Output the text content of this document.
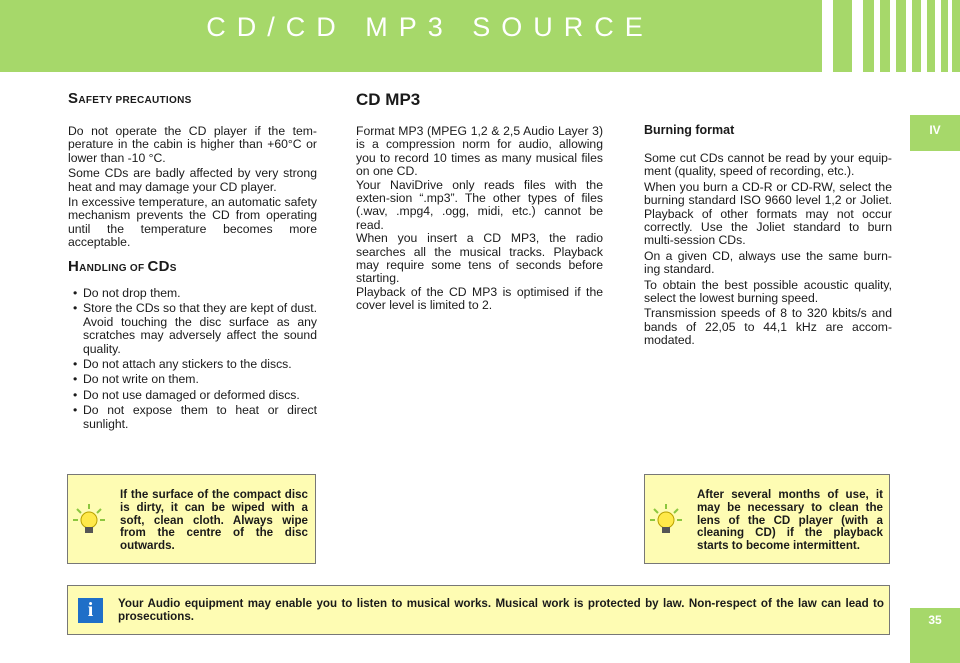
CD/CD MP3 SOURCE
IV
35
SAFETY PRECAUTIONS

Do not operate the CD player if the tem-perature in the cabin is higher than +60°C or lower than -10 °C.

Some CDs are badly affected by very strong heat and may damage your CD player.

In excessive temperature, an automatic safety mechanism prevents the CD from operating until the temperature becomes more acceptable.

HANDLING OF CDS
• Do not drop them.
• Store the CDs so that they are kept of dust. Avoid touching the disc surface as any scratches may adversely affect the sound quality.
• Do not attach any stickers to the discs.
• Do not write on them.
• Do not use damaged or deformed discs.
• Do not expose them to heat or direct sunlight.
CD MP3

Format MP3 (MPEG 1,2 & 2,5 Audio Layer 3) is a compression norm for audio, allowing you to record 10 times as many musical files on one CD.

Your NaviDrive only reads files with the exten-sion “.mp3”. The other types of files (.wav, .mpg4, .ogg, midi, etc.) cannot be read.

When you insert a CD MP3, the radio searches all the musical tracks. Playback may require some tens of seconds before starting.

Playback of the CD MP3 is optimised if the cover level is limited to 2.

Burning format

Some cut CDs cannot be read by your equip-ment (quality, speed of recording, etc.).

When you burn a CD-R or CD-RW, select the burning standard ISO 9660 level 1,2 or Joliet. Playback of other formats may not occur correctly. Use the Joliet standard to burn multi-session CDs.

On a given CD, always use the same burn-ing standard.

To obtain the best possible acoustic quality, select the lowest burning speed.

Transmission speeds of 8 to 320 kbits/s and bands of 22,05 to 44,1 kHz are accom-modated.

If the surface of the compact disc is dirty, it can be wiped with a soft, clean cloth. Always wipe from the centre of the disc outwards.
After several months of use, it may be necessary to clean the lens of the CD player (with a cleaning CD) if the playback starts to become intermittent.
i	Your Audio equipment may enable you to listen to musical works. Musical work is protected by law. Non-respect of the law can lead to prosecutions.
